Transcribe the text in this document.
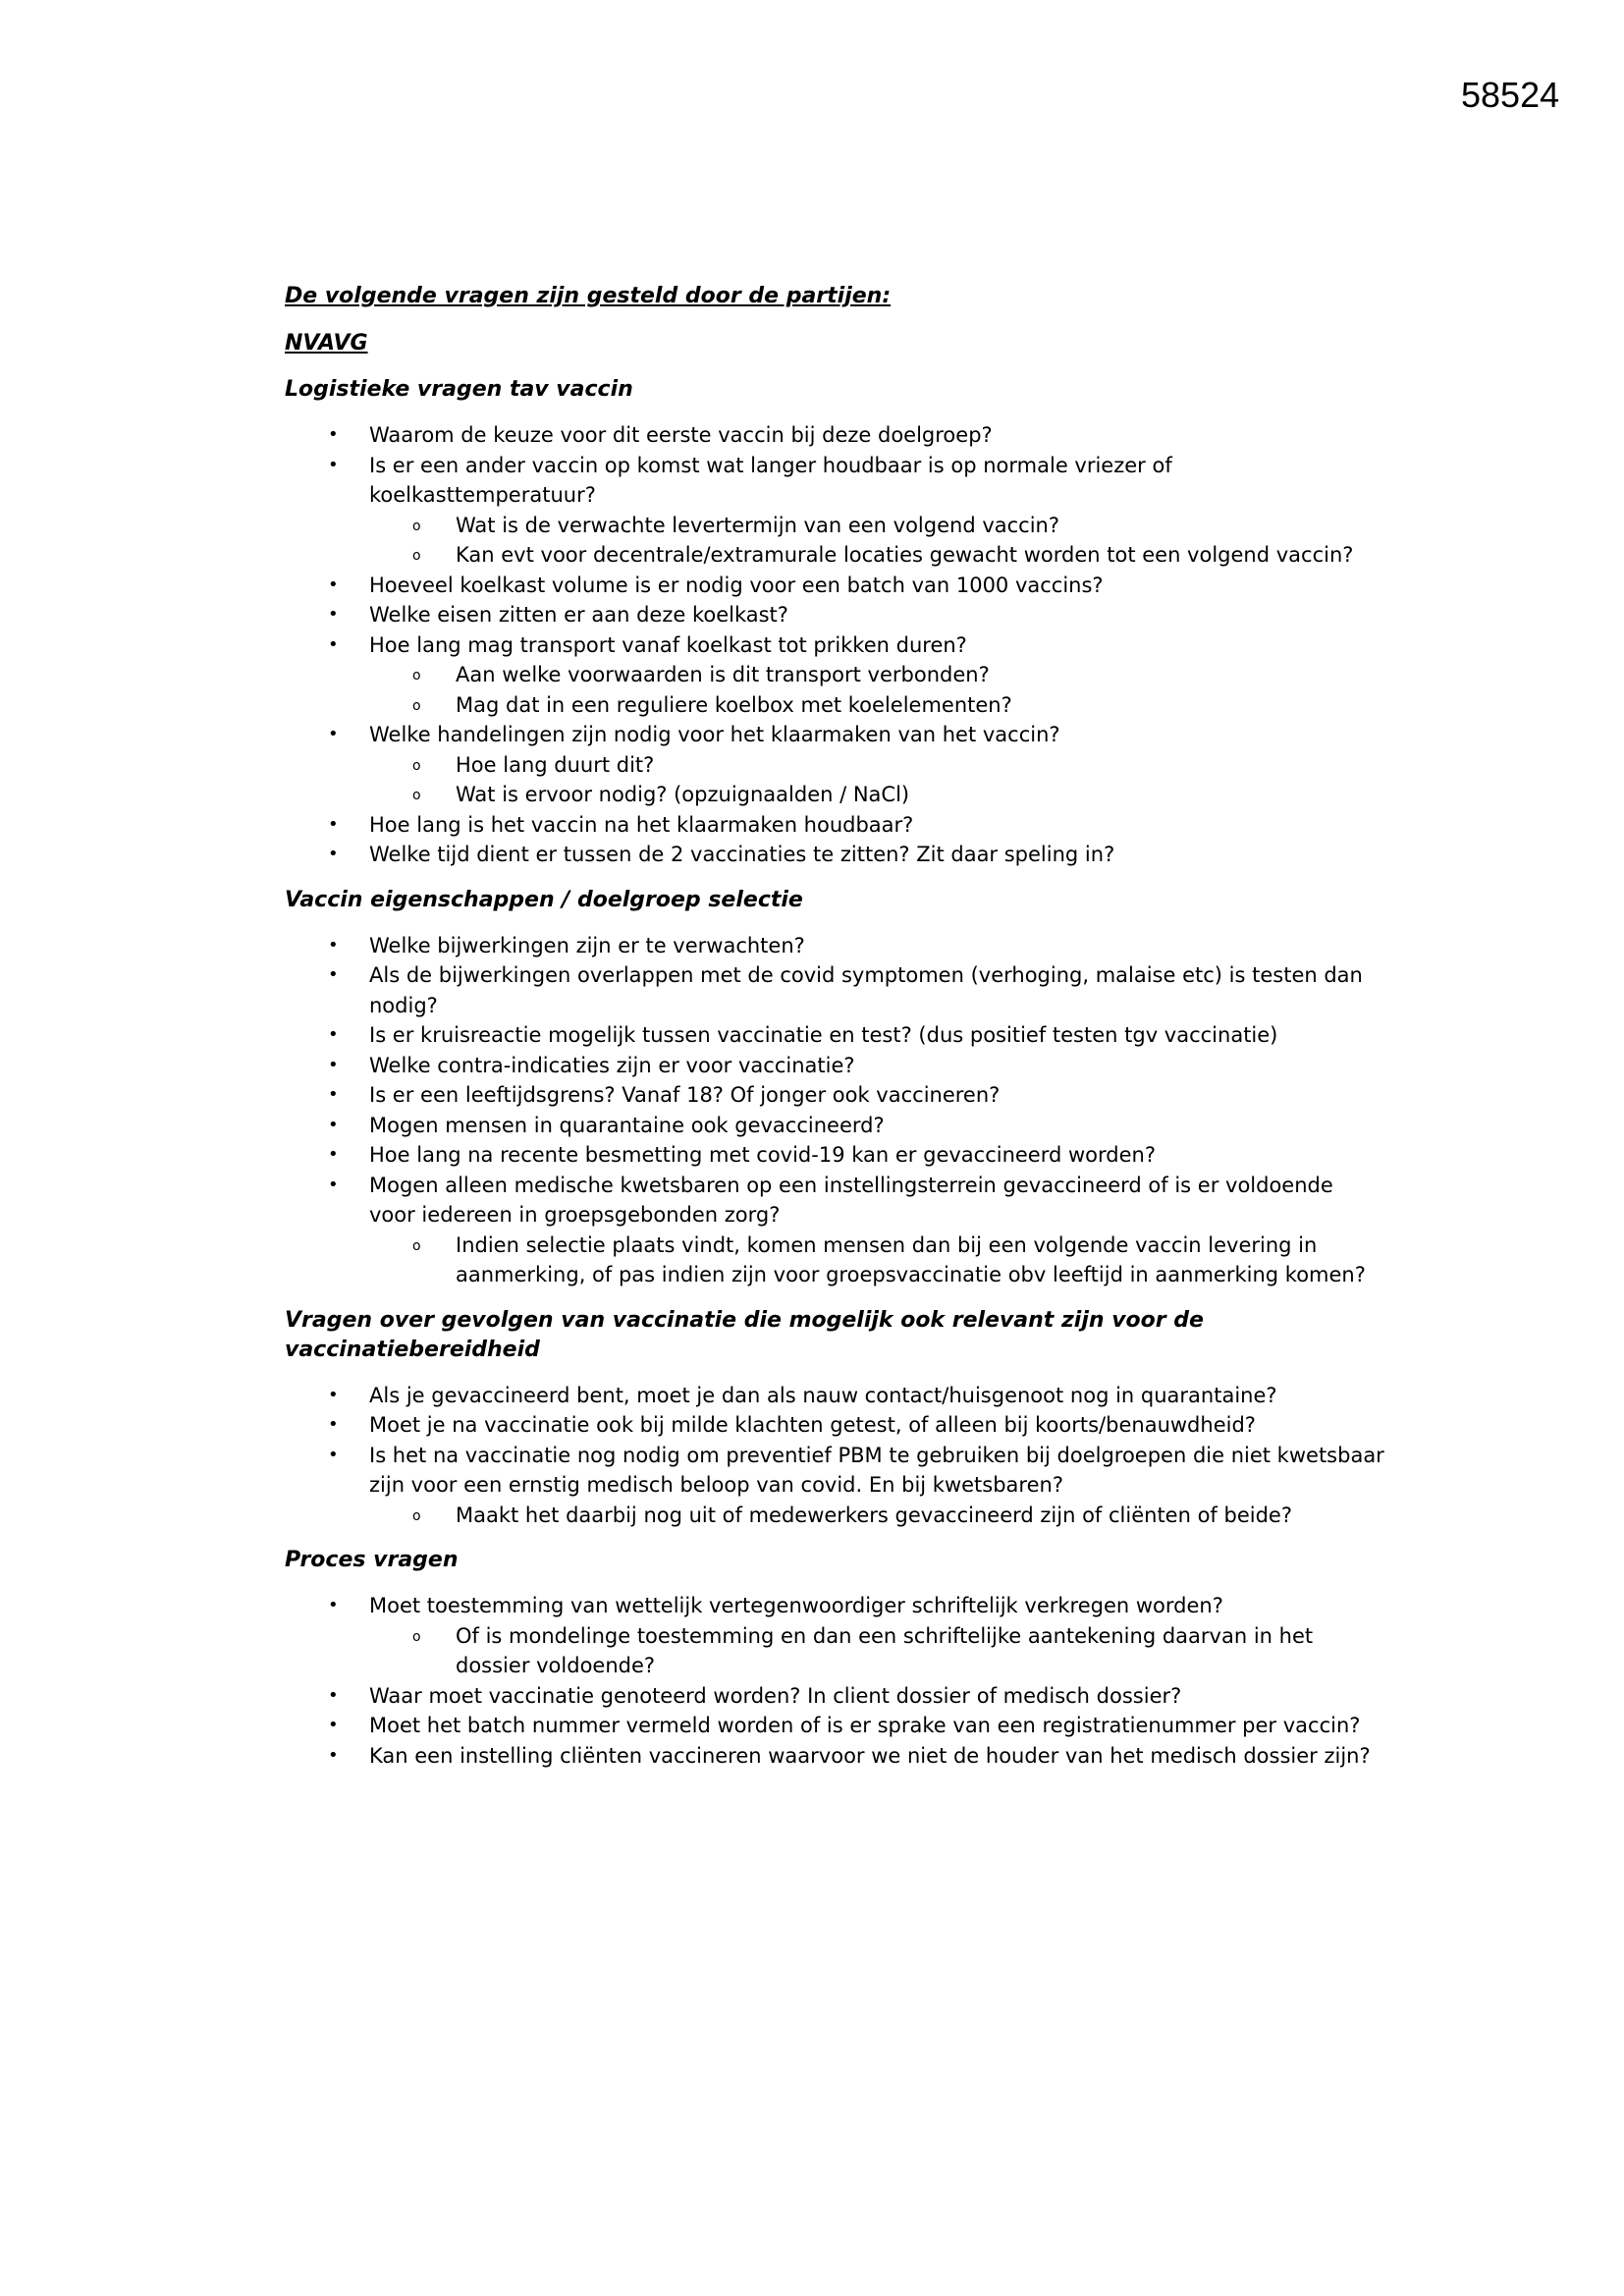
58524
De volgende vragen zijn gesteld door de partijen:
NVAVG
Logistieke vragen tav vaccin
• Waarom de keuze voor dit eerste vaccin bij deze doelgroep?
• Is er een ander vaccin op komst wat langer houdbaar is op normale vriezer of koelkasttemperatuur?
o Wat is de verwachte levertermijn van een volgend vaccin?
o Kan evt voor decentrale/extramurale locaties gewacht worden tot een volgend vaccin?
• Hoeveel koelkast volume is er nodig voor een batch van 1000 vaccins?
• Welke eisen zitten er aan deze koelkast?
• Hoe lang mag transport vanaf koelkast tot prikken duren?
o Aan welke voorwaarden is dit transport verbonden?
o Mag dat in een reguliere koelbox met koelelementen?
• Welke handelingen zijn nodig voor het klaarmaken van het vaccin?
o Hoe lang duurt dit?
o Wat is ervoor nodig? (opzuignaalden / NaCl)
• Hoe lang is het vaccin na het klaarmaken houdbaar?
• Welke tijd dient er tussen de 2 vaccinaties te zitten? Zit daar speling in?
Vaccin eigenschappen / doelgroep selectie
• Welke bijwerkingen zijn er te verwachten?
• Als de bijwerkingen overlappen met de covid symptomen (verhoging, malaise etc) is testen dan nodig?
• Is er kruisreactie mogelijk tussen vaccinatie en test? (dus positief testen tgv vaccinatie)
• Welke contra-indicaties zijn er voor vaccinatie?
• Is er een leeftijdsgrens? Vanaf 18? Of jonger ook vaccineren?
• Mogen mensen in quarantaine ook gevaccineerd?
• Hoe lang na recente besmetting met covid-19 kan er gevaccineerd worden?
• Mogen alleen medische kwetsbaren op een instellingsterrein gevaccineerd of is er voldoende voor iedereen in groepsgebonden zorg?
o Indien selectie plaats vindt, komen mensen dan bij een volgende vaccin levering in aanmerking, of pas indien zijn voor groepsvaccinatie obv leeftijd in aanmerking komen?
Vragen over gevolgen van vaccinatie die mogelijk ook relevant zijn voor de vaccinatiebereidheid
• Als je gevaccineerd bent, moet je dan als nauw contact/huisgenoot nog in quarantaine?
• Moet je na vaccinatie ook bij milde klachten getest, of alleen bij koorts/benauwdheid?
• Is het na vaccinatie nog nodig om preventief PBM te gebruiken bij doelgroepen die niet kwetsbaar zijn voor een ernstig medisch beloop van covid. En bij kwetsbaren?
o Maakt het daarbij nog uit of medewerkers gevaccineerd zijn of cliënten of beide?
Proces vragen
• Moet toestemming van wettelijk vertegenwoordiger schriftelijk verkregen worden?
o Of is mondelinge toestemming en dan een schriftelijke aantekening daarvan in het dossier voldoende?
• Waar moet vaccinatie genoteerd worden? In client dossier of medisch dossier?
• Moet het batch nummer vermeld worden of is er sprake van een registratienummer per vaccin?
• Kan een instelling cliënten vaccineren waarvoor we niet de houder van het medisch dossier zijn?
